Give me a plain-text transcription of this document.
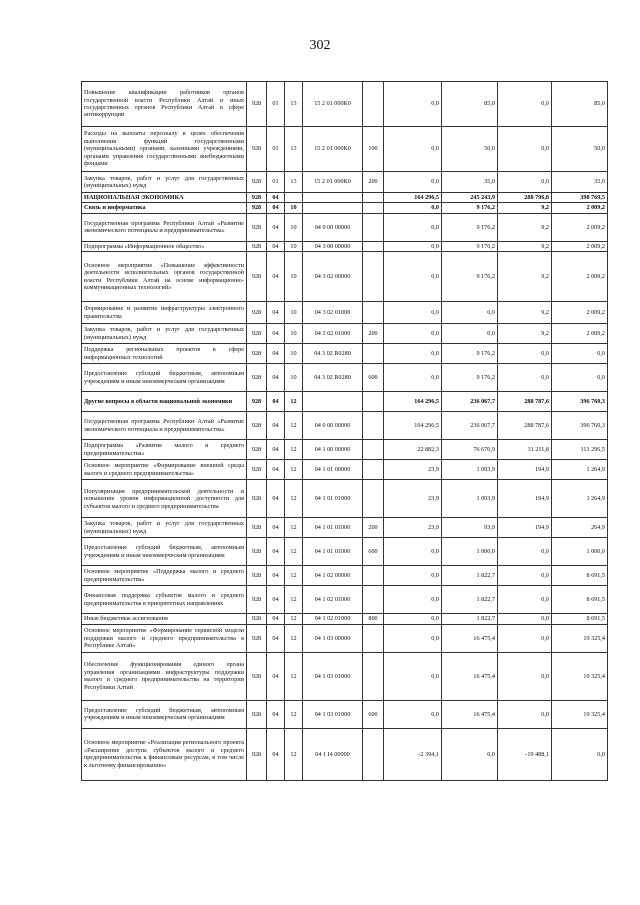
302
Повышение квалификации работников органов государственной власти Республики Алтай и иных государственных органов Республики Алтай в сфере антикоррупции	928	01	13	15 2 01 000К0		0,0	85,0	0,0	85,0
Расходы на выплаты персоналу в целях обеспечения выполнения функций государственными (муниципальными) органами, казенными учреждениями, органами управления государственными внебюджетными фондами	928	01	13	15 2 01 000К0	100	0,0	50,0	0,0	50,0
Закупка товаров, работ и услуг для государственных (муниципальных) нужд	928	01	13	15 2 01 000К0	200	0,0	35,0	0,0	35,0
НАЦИОНАЛЬНАЯ ЭКОНОМИКА	928	04				164 296,5	245 243,9	288 796,8	398 769,5
Связь и информатика	928	04	10			0,0	9 176,2	9,2	2 009,2
Государственная программа Республики Алтай «Развитие экономического потенциала и предпринимательства»	928	04	10	04 0 00 00000		0,0	9 176,2	9,2	2 009,2
Подпрограмма «Информационное общество»	928	04	10	04 3 00 00000		0,0	9 176,2	9,2	2 009,2
Основное мероприятие «Повышение эффективности деятельности исполнительных органов государственной власти Республики Алтай на основе информационно-коммуникационных технологий»	928	04	10	04 3 02 00000		0,0	9 176,2	9,2	2 009,2
Формирование и развитие инфраструктуры электронного правительства	928	04	10	04 3 02 01000		0,0	0,0	9,2	2 009,2
Закупка товаров, работ и услуг для государственных (муниципальных) нужд	928	04	10	04 3 02 01000	200	0,0	0,0	9,2	2 009,2
Поддержка региональных проектов в сфере информационных технологий	928	04	10	04 3 02 R0280		0,0	9 176,2	0,0	0,0
Предоставление субсидий бюджетным, автономным учреждениям и иным некоммерческим организациям	928	04	10	04 3 02 R0280	600	0,0	9 176,2	0,0	0,0
Другие вопросы в области национальной экономики	928	04	12			164 296,5	236 067,7	288 787,6	396 760,3
Государственная программа Республики Алтай «Развитие экономического потенциала и предпринимательства»	928	04	12	04 0 00 00000		164 296,5	236 067,7	288 787,6	396 760,3
Подпрограмма «Развитие малого и среднего предпринимательства»	928	04	12	04 1 00 00000		22 882,3	76 670,9	31 211,8	113 296,5
Основное мероприятие «Формирование внешней среды малого и среднего предпринимательства»	928	04	12	04 1 01 00000		23,9	1 093,9	194,9	1 264,9
Популяризация предпринимательской деятельности и повышение уровня информационной доступности для субъектов малого и среднего предпринимательства	928	04	12	04 1 01 01000		23,9	1 093,9	194,9	1 264,9
Закупка товаров, работ и услуг для государственных (муниципальных) нужд	928	04	12	04 1 01 01000	200	23,9	93,9	194,9	264,9
Предоставление субсидий бюджетным, автономным учреждениям и иным некоммерческим организациям	928	04	12	04 1 01 01000	600	0,0	1 000,0	0,0	1 000,0
Основное мероприятие «Поддержка малого и среднего предпринимательства»	928	04	12	04 1 02 00000		0,0	1 822,7	0,0	8 691,5
Финансовая поддержка субъектов малого и среднего предпринимательства в приоритетных направлениях	928	04	12	04 1 02 01000		0,0	1 822,7	0,0	8 691,5
Иные бюджетные ассигнования	928	04	12	04 1 02 01000	800	0,0	1 822,7	0,0	8 691,5
Основное мероприятие «Формирование сервисной модели поддержки малого и среднего предпринимательства в Республике Алтай»	928	04	12	04 1 03 00000		0,0	16 475,4	0,0	19 325,4
Обеспечение функционирования единого органа управления организациями инфраструктуры поддержки малого и среднего предпринимательства на территории Республики Алтай	928	04	12	04 1 03 01000		0,0	16 475,4	0,0	19 325,4
Предоставление субсидий бюджетным, автономным учреждениям и иным некоммерческим организациям	928	04	12	04 1 03 01000	600	0,0	16 475,4	0,0	19 325,4
Основное мероприятие «Реализация регионального проекта «Расширение доступа субъектов малого и среднего предпринимательства к финансовым ресурсам, в том числе к льготному финансированию»	928	04	12	04 1 I4 00000		-2 394,1	0,0	-19 488,1	0,0
